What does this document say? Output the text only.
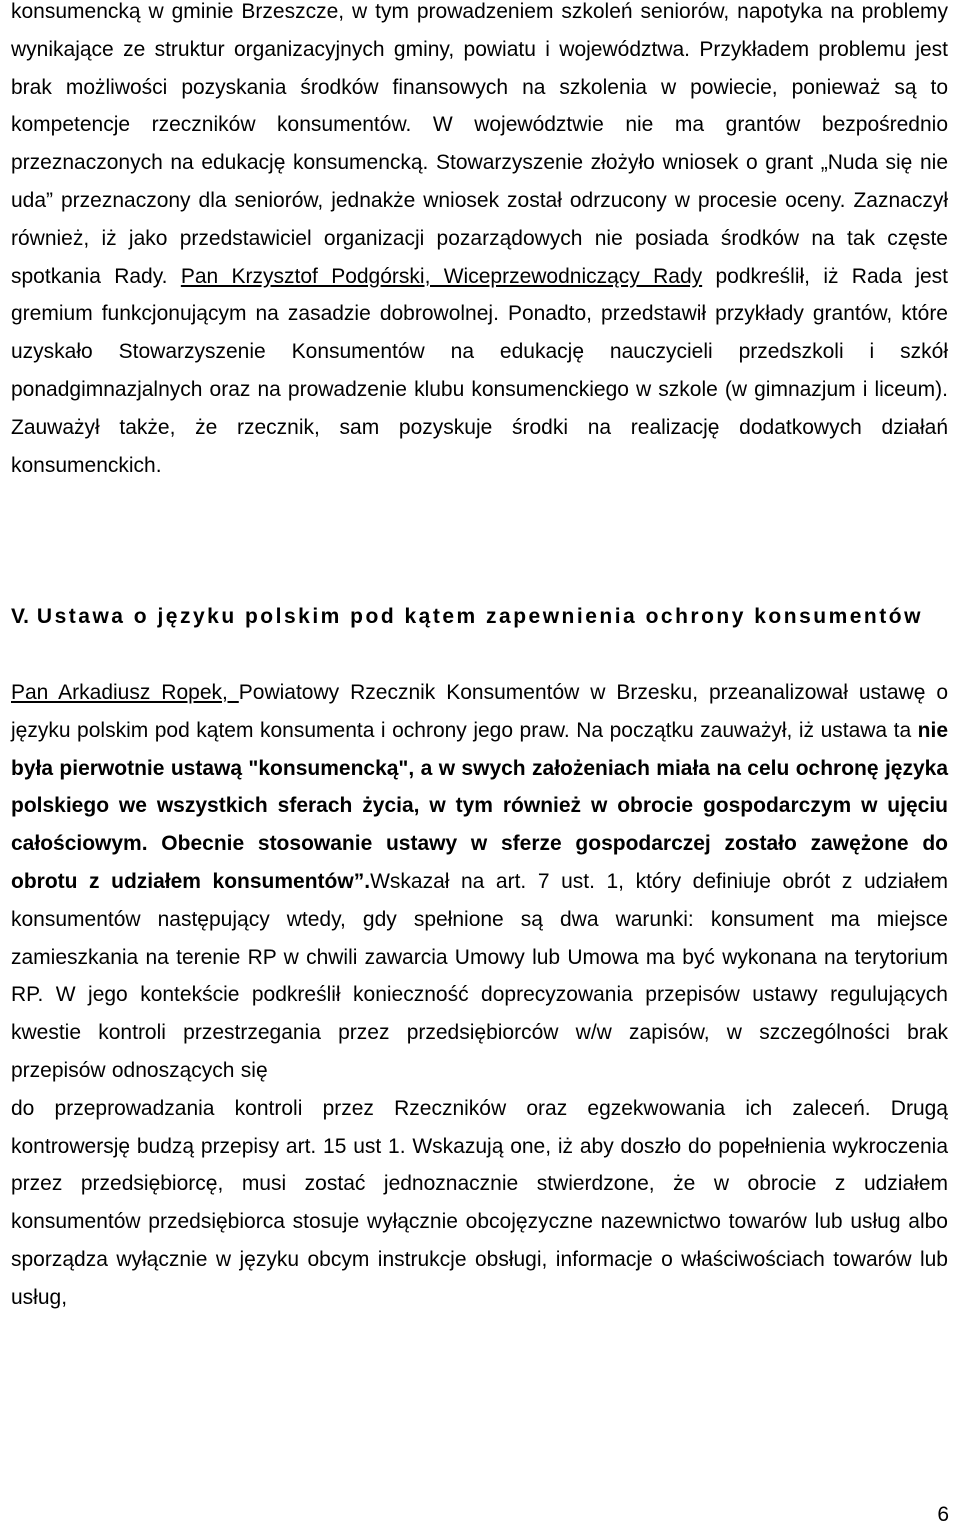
konsumencką w gminie Brzeszcze, w tym prowadzeniem szkoleń seniorów, napotyka na problemy wynikające ze struktur organizacyjnych gminy, powiatu i województwa. Przykładem problemu jest brak możliwości pozyskania środków finansowych na szkolenia w powiecie, ponieważ są to kompetencje rzeczników konsumentów. W województwie nie ma grantów bezpośrednio przeznaczonych na edukację konsumencką. Stowarzyszenie złożyło wniosek o grant „Nuda się nie uda” przeznaczony dla seniorów, jednakże wniosek został odrzucony w procesie oceny. Zaznaczył również, iż jako przedstawiciel organizacji pozarządowych nie posiada środków na tak częste spotkania Rady. Pan Krzysztof Podgórski, Wiceprzewodniczący Rady podkreślił, iż Rada jest gremium funkcjonującym na zasadzie dobrowolnej. Ponadto, przedstawił przykłady grantów, które uzyskało Stowarzyszenie Konsumentów na edukację nauczycieli przedszkoli i szkół ponadgimnazjalnych oraz na prowadzenie klubu konsumenckiego w szkole (w gimnazjum i liceum). Zauważył także, że rzecznik, sam pozyskuje środki na realizację dodatkowych działań konsumenckich.

V. Ustawa o języku polskim pod kątem zapewnienia ochrony konsumentów

Pan Arkadiusz Ropek, Powiatowy Rzecznik Konsumentów w Brzesku, przeanalizował ustawę o języku polskim pod kątem konsumenta i ochrony jego praw. Na początku zauważył, iż ustawa ta nie była pierwotnie ustawą "konsumencką", a w swych założeniach miała na celu ochronę języka polskiego we wszystkich sferach życia, w tym również w obrocie gospodarczym w ujęciu całościowym. Obecnie stosowanie ustawy w sferze gospodarczej zostało zawężone do obrotu z udziałem konsumentów”.Wskazał na art. 7 ust. 1, który definiuje obrót z udziałem konsumentów następujący wtedy, gdy spełnione są dwa warunki: konsument ma miejsce zamieszkania na terenie RP w chwili zawarcia Umowy lub Umowa ma być wykonana na terytorium RP. W jego kontekście podkreślił konieczność doprecyzowania przepisów ustawy regulujących kwestie kontroli przestrzegania przez przedsiębiorców w/w zapisów, w szczególności brak przepisów odnoszących się

do przeprowadzania kontroli przez Rzeczników oraz egzekwowania ich zaleceń. Drugą kontrowersję budzą przepisy art. 15 ust 1. Wskazują one, iż aby doszło do popełnienia wykroczenia przez przedsiębiorcę, musi zostać jednoznacznie stwierdzone, że w obrocie z udziałem konsumentów przedsiębiorca stosuje wyłącznie obcojęzyczne nazewnictwo towarów lub usług albo sporządza wyłącznie w języku obcym instrukcje obsługi, informacje o właściwościach towarów lub usług,

6
